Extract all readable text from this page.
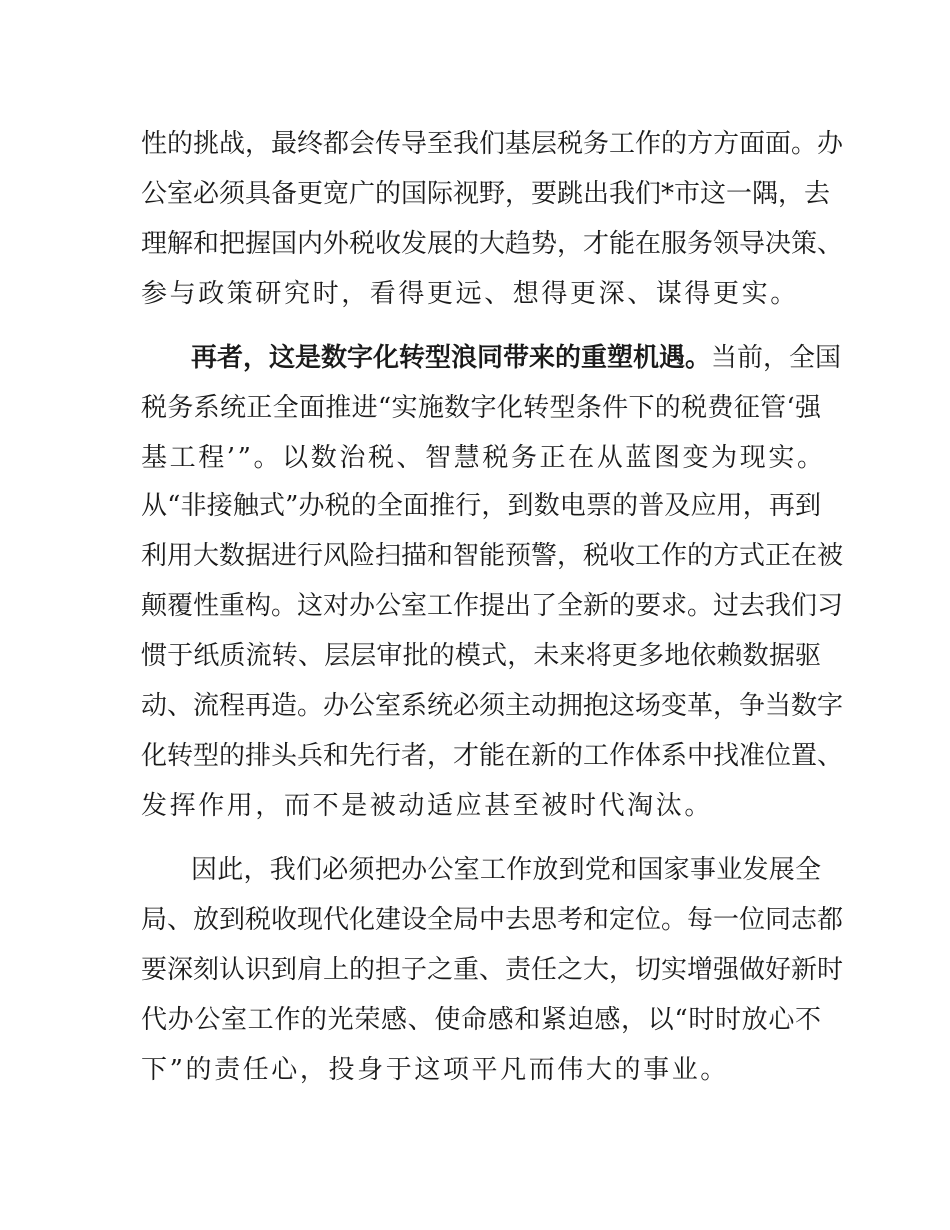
性的挑战，最终都会传导至我们基层税务工作的方方面面。办
公室必须具备更宽广的国际视野，要跳出我们*市这一隅，去
理解和把握国内外税收发展的大趋势，才能在服务领导决策、
参与政策研究时，看得更远、想得更深、谋得更实。
再者，这是数字化转型浪同带来的重塑机遇。当前，全国
税务系统正全面推进“实施数字化转型条件下的税费征管‘强
基工程’”。以数治税、智慧税务正在从蓝图变为现实。
从“非接触式”办税的全面推行，到数电票的普及应用，再到
利用大数据进行风险扫描和智能预警，税收工作的方式正在被
颠覆性重构。这对办公室工作提出了全新的要求。过去我们习
惯于纸质流转、层层审批的模式，未来将更多地依赖数据驱
动、流程再造。办公室系统必须主动拥抱这场变革，争当数字
化转型的排头兵和先行者，才能在新的工作体系中找准位置、
发挥作用，而不是被动适应甚至被时代淘汰。
因此，我们必须把办公室工作放到党和国家事业发展全
局、放到税收现代化建设全局中去思考和定位。每一位同志都
要深刻认识到肩上的担子之重、责任之大，切实增强做好新时
代办公室工作的光荣感、使命感和紧迫感，以“时时放心不
下”的责任心，投身于这项平凡而伟大的事业。
